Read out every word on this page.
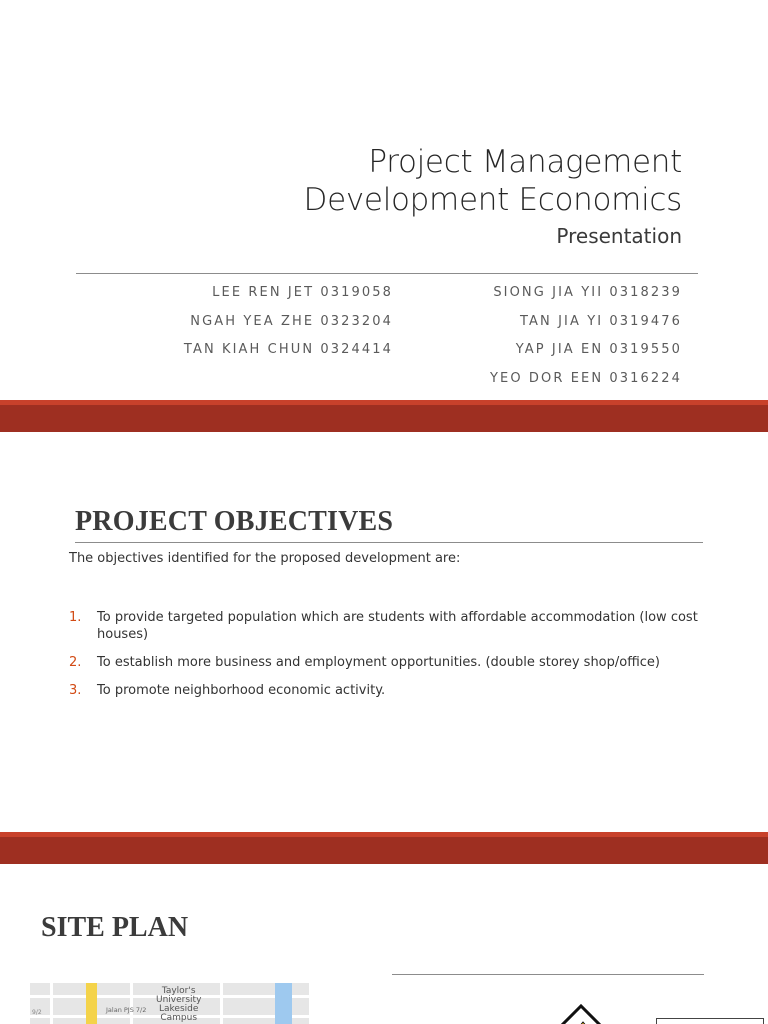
Project Management
Development Economics
Presentation
LEE REN JET 0319058
NGAH YEA ZHE 0323204
TAN KIAH CHUN 0324414
SIONG JIA YII 0318239
TAN JIA YI 0319476
YAP JIA EN 0319550
YEO DOR EEN 0316224
PROJECT OBJECTIVES

The objectives identified for the proposed development are:

1. To provide targeted population which are students with affordable accommodation (low cost houses)
2. To establish more business and employment opportunities. (double storey shop/office)
3. To promote neighborhood economic activity.
SITE PLAN
Taylor's
University
Lakeside
Campus
Jalan PJS 7/2
9/2
